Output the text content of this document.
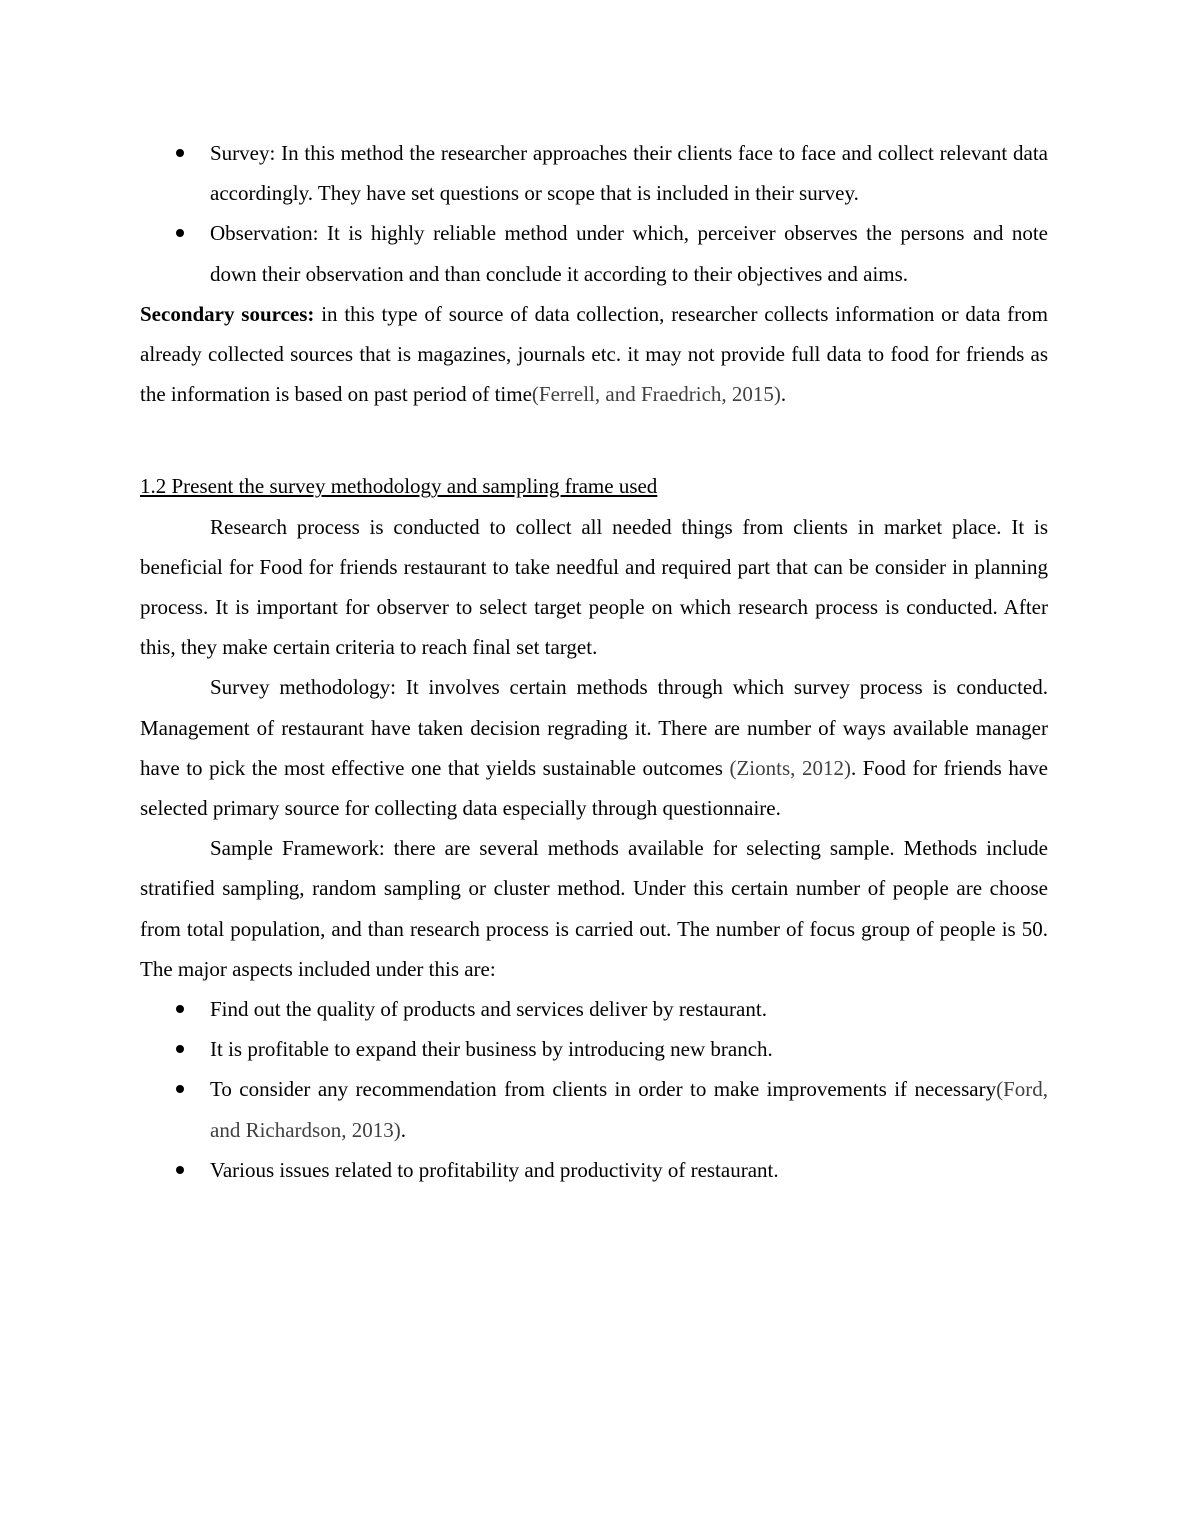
Survey: In this method the researcher approaches their clients face to face and collect relevant data accordingly. They have set questions or scope that is included in their survey.
Observation: It is highly reliable method under which, perceiver observes the persons and note down their observation and than conclude it according to their objectives and aims.

Secondary sources: in this type of source of data collection, researcher collects information or data from already collected sources that is magazines, journals etc. it may not provide full data to food for friends as the information is based on past period of time(Ferrell, and Fraedrich, 2015).

1.2 Present the survey methodology and sampling frame used

Research process is conducted to collect all needed things from clients in market place. It is beneficial for Food for friends restaurant to take needful and required part that can be consider in planning process. It is important for observer to select target people on which research process is conducted. After this, they make certain criteria to reach final set target.

Survey methodology: It involves certain methods through which survey process is conducted. Management of restaurant have taken decision regrading it. There are number of ways available manager have to pick the most effective one that yields sustainable outcomes (Zionts, 2012). Food for friends have selected primary source for collecting data especially through questionnaire.

Sample Framework: there are several methods available for selecting sample. Methods include stratified sampling, random sampling or cluster method. Under this certain number of people are choose from total population, and than research process is carried out. The number of focus group of people is 50. The major aspects included under this are:

Find out the quality of products and services deliver by restaurant.
It is profitable to expand their business by introducing new branch.
To consider any recommendation from clients in order to make improvements if necessary(Ford, and Richardson, 2013).
Various issues related to profitability and productivity of restaurant.
